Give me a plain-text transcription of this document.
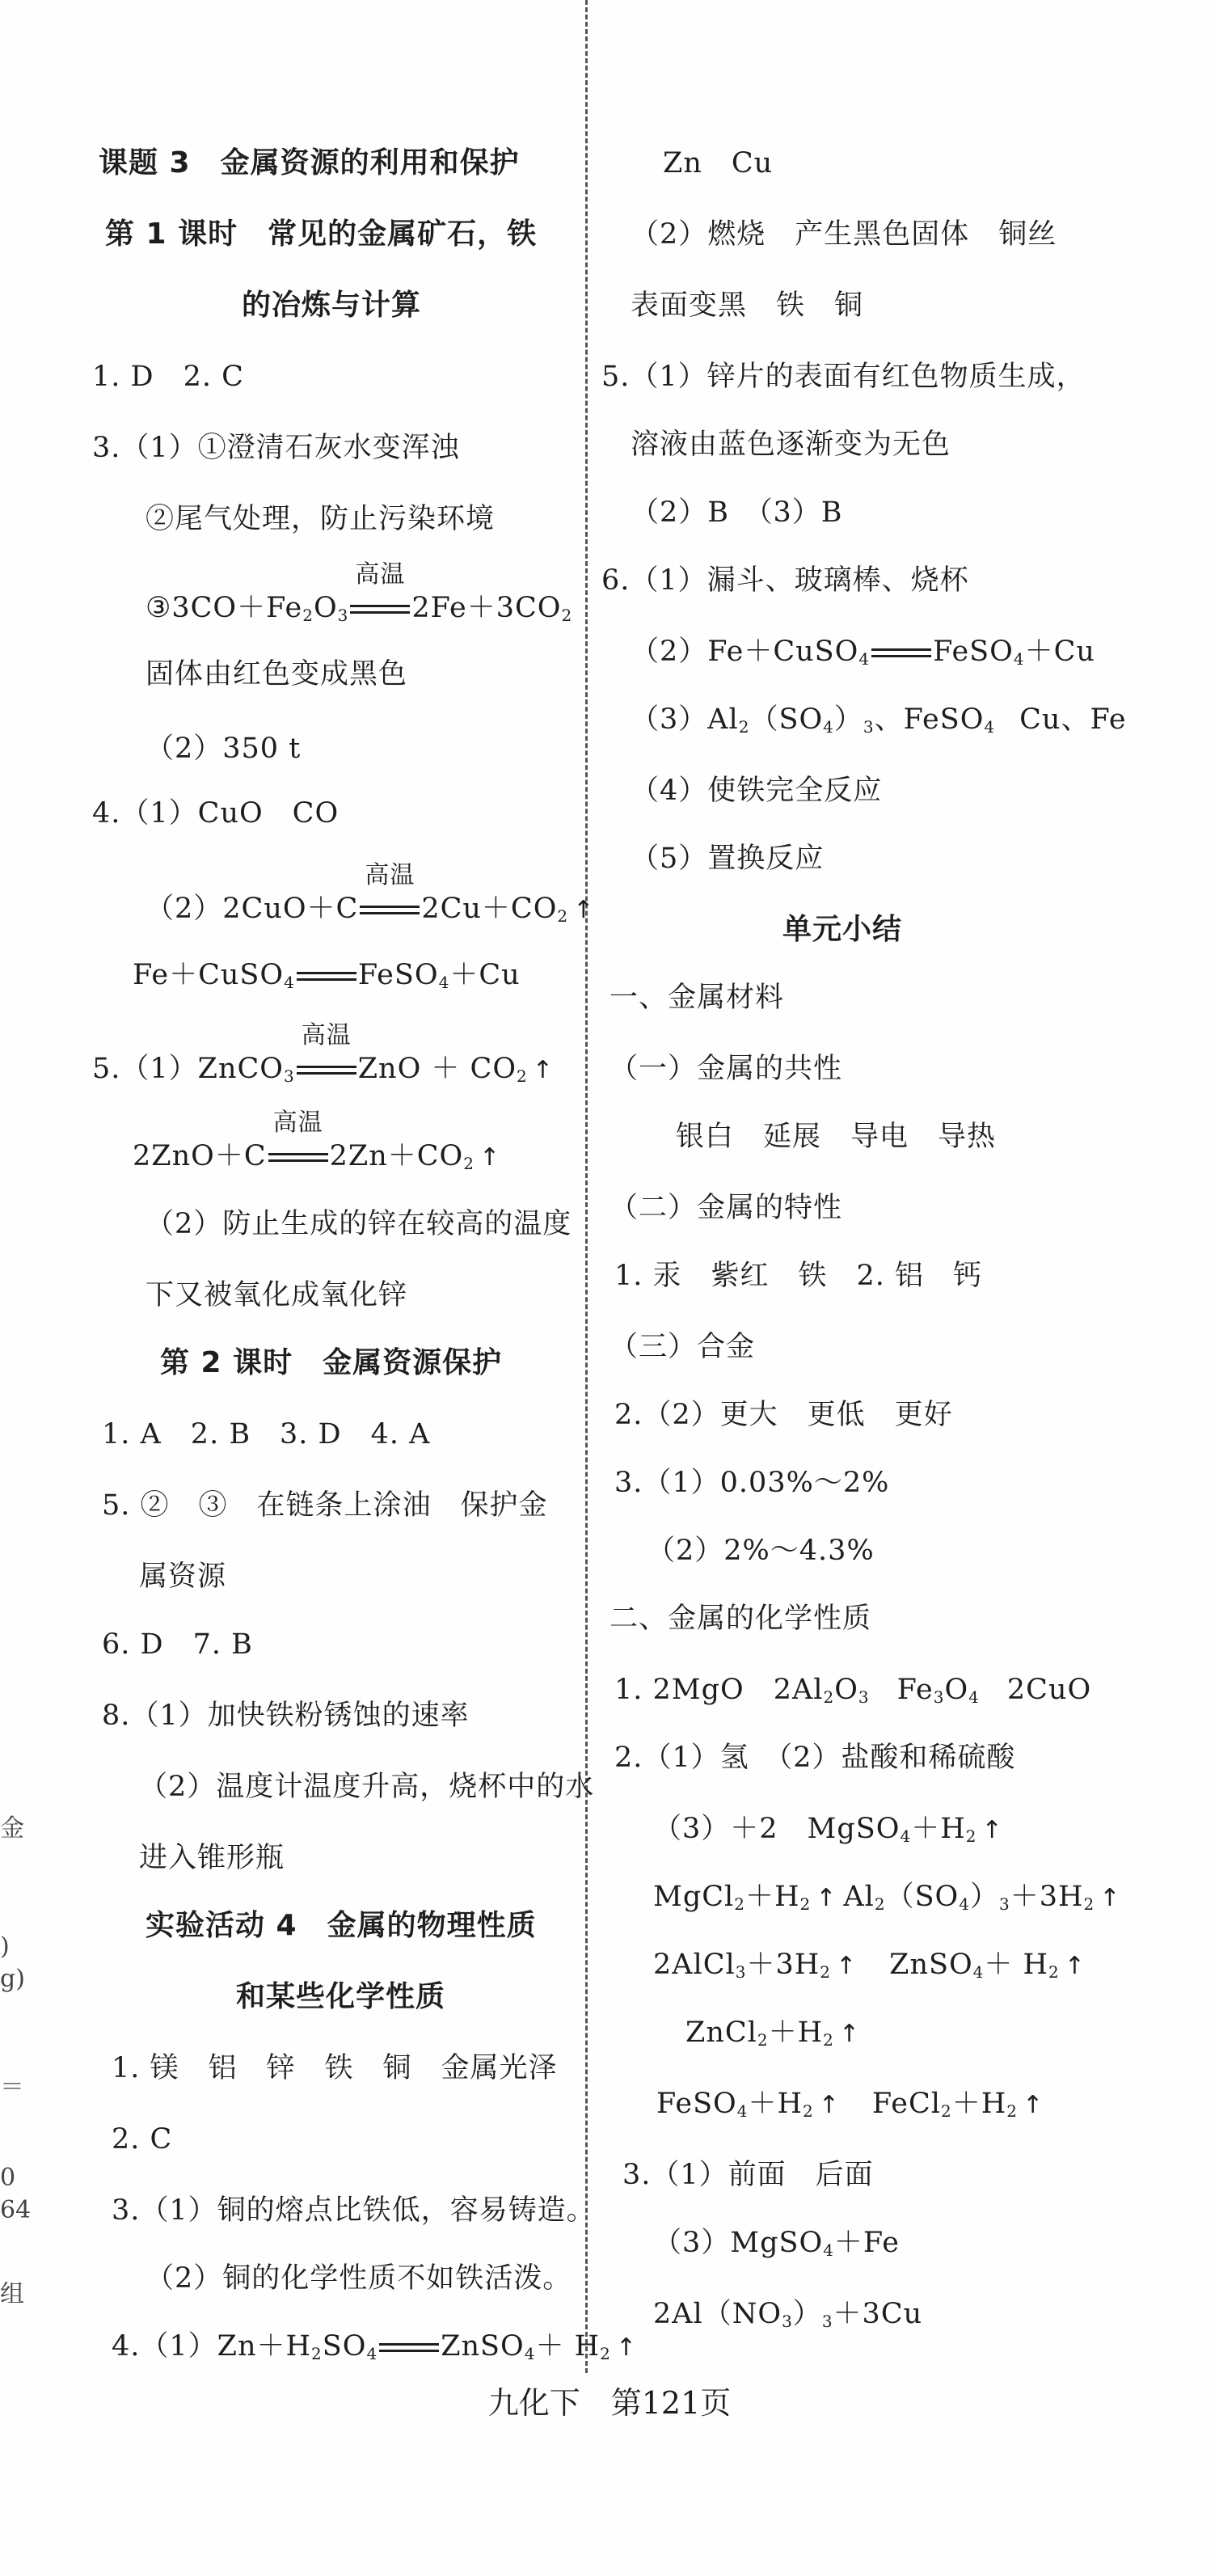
课题 3　金属资源的利用和保护
第 1 课时　常见的金属矿石，铁
的冶炼与计算
1. D　2. C
3.（1）①澄清石灰水变浑浊
②尾气处理，防止污染环境
$③3CO+Fe_2O_3$
高温
$2Fe+3CO_2$
固体由红色变成黑色
（2）350 t
4.（1）CuO　CO
（2）2CuO＋C
高温
$2Cu+CO_2$ ↑
Fe＋CuSO$_4$ FeSO$_4$＋Cu
5.（1）ZnCO$_3$
高温
ZnO ＋ $CO_2$ ↑
2ZnO＋C
高温
$2Zn+CO_2$ ↑
（2）防止生成的锌在较高的温度
下又被氧化成氧化锌
第 2 课时　金属资源保护
1. A　2. B　3. D　4. A
5. ②　③　在链条上涂油　保护金
属资源
6. D　7. B
8.（1）加快铁粉锈蚀的速率
（2）温度计温度升高，烧杯中的水
进入锥形瓶
实验活动 4　金属的物理性质
和某些化学性质
1. 镁　铝　锌　铁　铜　金属光泽
2. C
3.（1）铜的熔点比铁低，容易铸造。
（2）铜的化学性质不如铁活泼。
$4.(1)Zn+H_2SO_4$ ZnSO$_4$＋ $H_2$ ↑
Zn　Cu
（2）燃烧　产生黑色固体　铜丝
表面变黑　铁　铜
5.（1）锌片的表面有红色物质生成，
溶液由蓝色逐渐变为无色
（2）B　（3）B
6.（1）漏斗、玻璃棒、烧杯
（2）Fe＋CuSO$_4$ FeSO$_4$＋Cu
$(3)Al_2(SO_4)_3$、FeSO$_4$ Cu、Fe
（4）使铁完全反应
（5）置换反应
单元小结
一、金属材料
（一）金属的共性
银白　延展　导电　导热
（二）金属的特性
1. 汞　紫红　铁　2. 铝　钙
（三）合金
2.（2）更大　更低　更好
3.（1）0.03%～2%
（2）2%～4.3%
二、金属的化学性质
1. 2MgO　$2Al_2O_3$ $Fe_3O_4$ 2CuO
2.（1）氢　（2）盐酸和稀硫酸
（3）＋2　$MgSO_4+H_2$ ↑
$MgCl_2+H_2$ ↑ $Al_2(SO_4)_3+3H_2$ ↑
$2AlCl_3+3H_2$ ↑ ZnSO$_4$＋ $H_2$ ↑
$ZnCl_2+H_2$ ↑
$FeSO_4+H_2$ ↑ $FeCl_2+H_2$ ↑
3.（1）前面　后面
（3）MgSO$_4$＋Fe
$2Al(NO_3)_3+3Cu$
九化下　第121页
金
)
g)
＝
0
64
组
